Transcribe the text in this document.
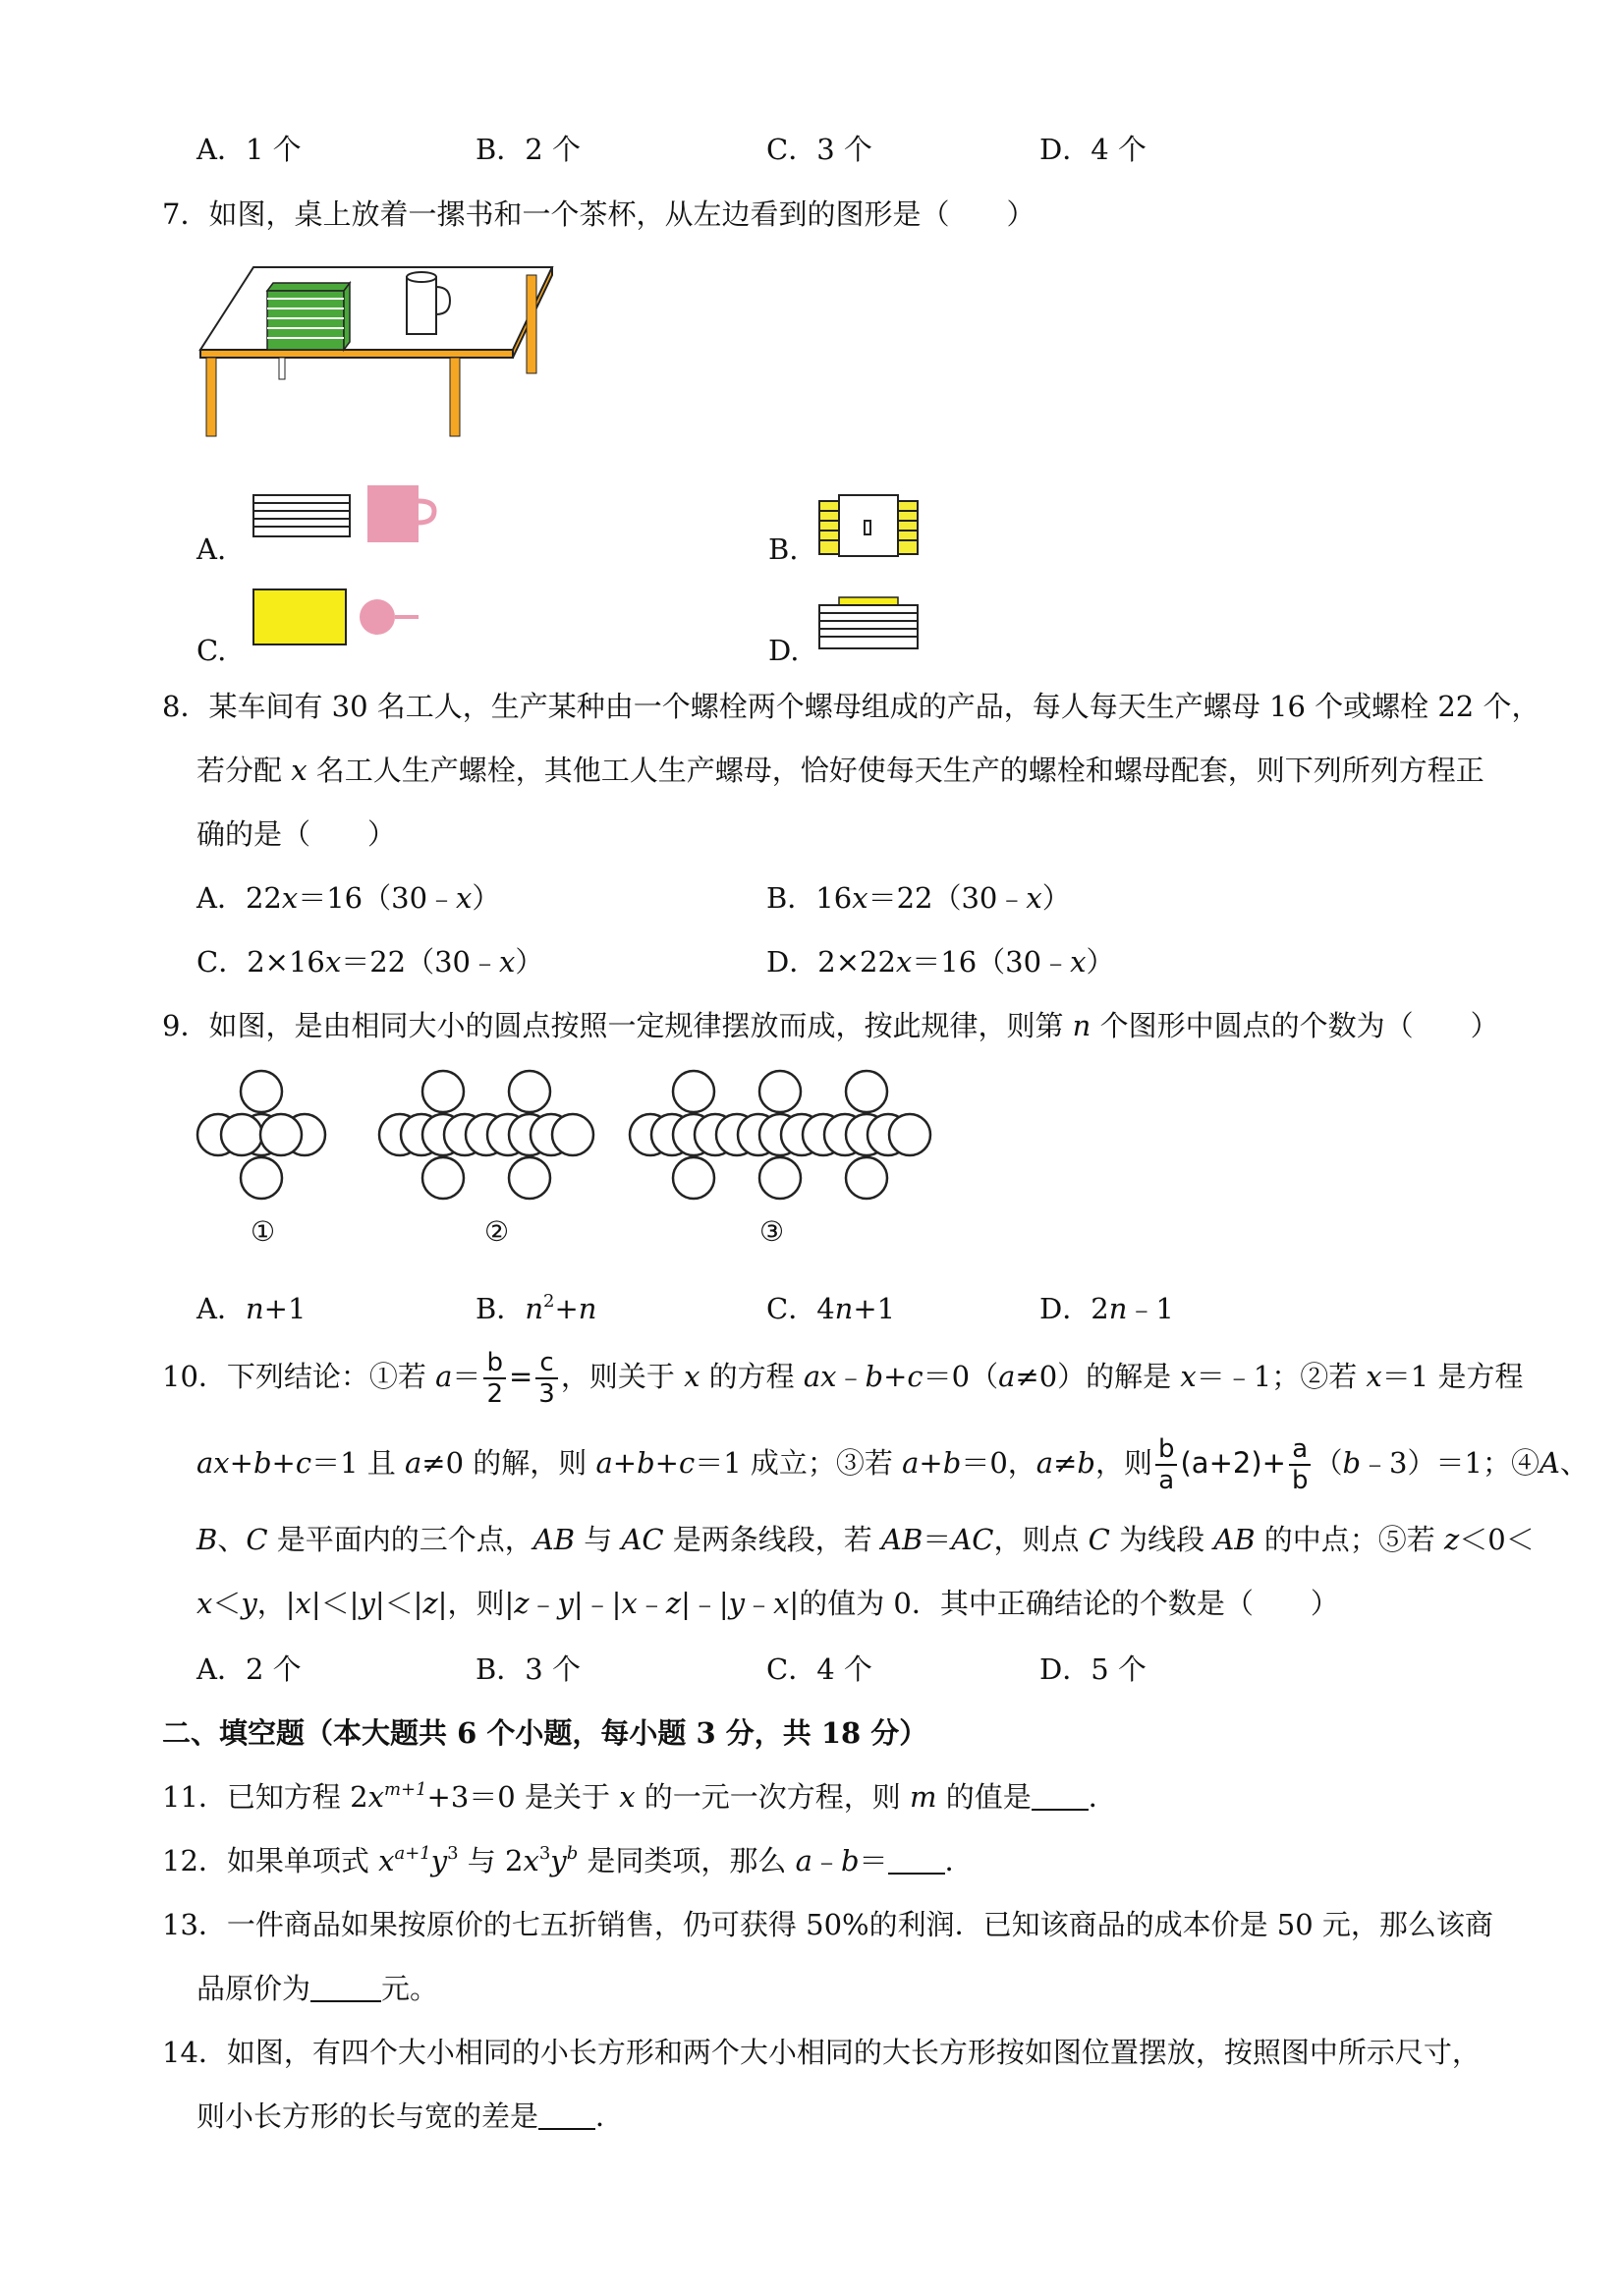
A．1 个	B．2 个	C．3 个	D．4 个
7．如图，桌上放着一摞书和一个茶杯，从左边看到的图形是（　　）
A.	B.
C.	D.
8．某车间有 30 名工人，生产某种由一个螺栓两个螺母组成的产品，每人每天生产螺母 16 个或螺栓 22 个，
若分配 x 名工人生产螺栓，其他工人生产螺母，恰好使每天生产的螺栓和螺母配套，则下列所列方程正
确的是（　　）
A．22x＝16（30﹣x）	B．16x＝22（30﹣x）
C．2×16x＝22（30﹣x）	D．2×22x＝16（30﹣x）
9．如图，是由相同大小的圆点按照一定规律摆放而成，按此规律，则第 n 个图形中圆点的个数为（　　）
①	②	③
A．n+1	B．$n^2+n$	C．4n+1	D．2n﹣1
10．下列结论：①若 $a= \frac{b}{2} = \frac{c}{3}$ ，则关于 x 的方程 ax﹣b+c＝0（a≠0）的解是 x＝﹣1；②若 x＝1 是方程
ax+b+c＝1 且 a≠0 的解，则 a+b+c＝1 成立；③若 a+b＝0，a≠b，则 $\frac{b}{a} (a+2)+ \frac{a}{b}$ （b﹣3）＝1；④A、
B、C 是平面内的三个点，AB 与 AC 是两条线段，若 AB＝AC，则点 C 为线段 AB 的中点；⑤若 z＜0＜
x＜y，|x|＜|y|＜|z|，则|z﹣y|﹣|x﹣z|﹣|y﹣x|的值为 0．其中正确结论的个数是（　　）
A．2 个	B．3 个	C．4 个	D．5 个
二、填空题（本大题共 6 个小题，每小题 3 分，共 18 分）
11．已知方程 $2x^{m+1}+3=0$ 是关于 x 的一元一次方程，则 m 的值是 ．
12．如果单项式 $x^{a+1}y^3$ 与 $2x^3y^b$ 是同类项，那么 a﹣b＝ ．
13．一件商品如果按原价的七五折销售，仍可获得 50%的利润．已知该商品的成本价是 50 元，那么该商
品原价为 元。
14．如图，有四个大小相同的小长方形和两个大小相同的大长方形按如图位置摆放，按照图中所示尺寸，
则小长方形的长与宽的差是 ．
